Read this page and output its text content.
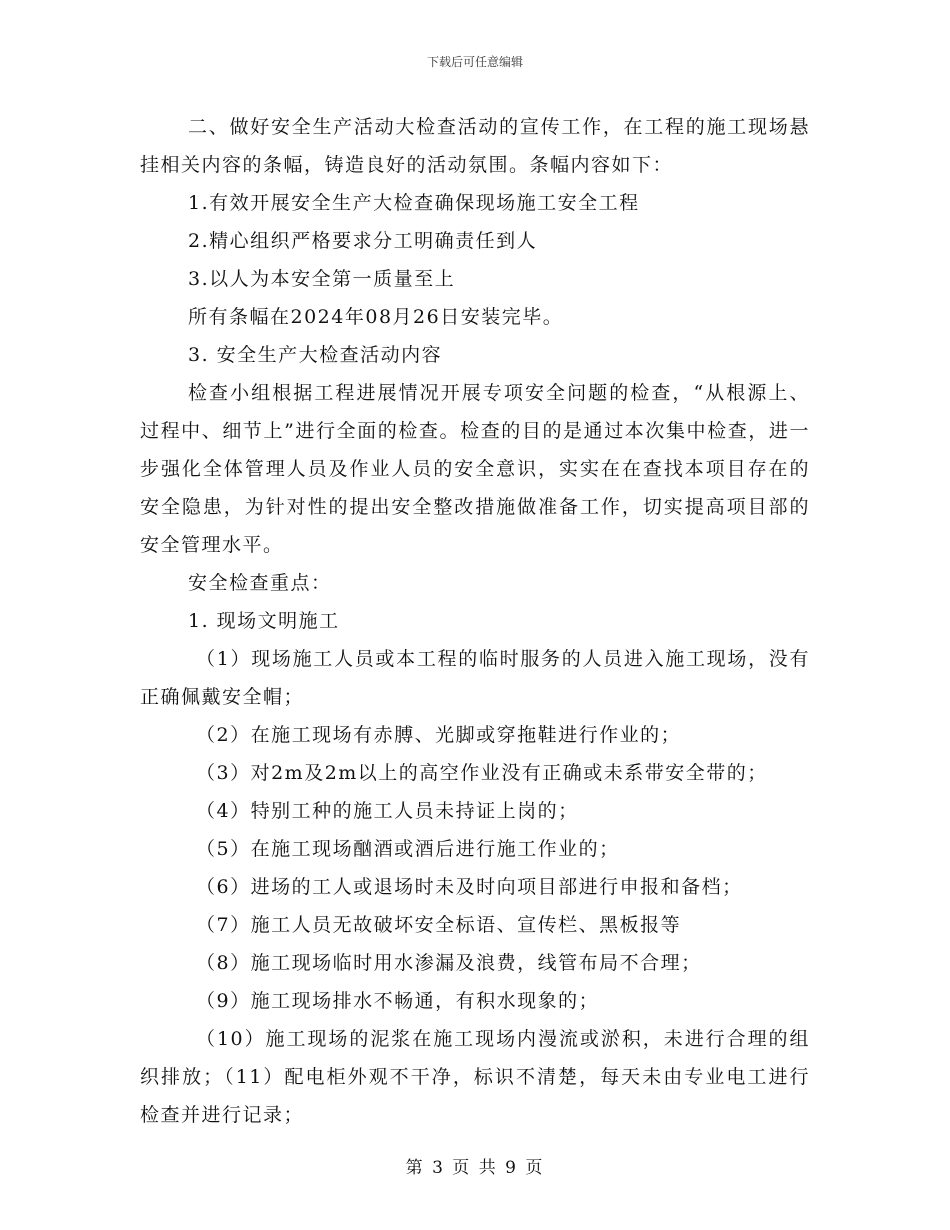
下载后可任意编辑

二、做好安全生产活动大检查活动的宣传工作，在工程的施工现场悬挂相关内容的条幅，铸造良好的活动氛围。条幅内容如下：

1.有效开展安全生产大检查确保现场施工安全工程

2.精心组织严格要求分工明确责任到人

3.以人为本安全第一质量至上

所有条幅在2024年08月26日安装完毕。

3. 安全生产大检查活动内容

检查小组根据工程进展情况开展专项安全问题的检查，“从根源上、过程中、细节上”进行全面的检查。检查的目的是通过本次集中检查，进一步强化全体管理人员及作业人员的安全意识，实实在在查找本项目存在的安全隐患，为针对性的提出安全整改措施做准备工作，切实提高项目部的安全管理水平。

安全检查重点：

1. 现场文明施工

（1）现场施工人员或本工程的临时服务的人员进入施工现场，没有正确佩戴安全帽；

（2）在施工现场有赤膊、光脚或穿拖鞋进行作业的；

（3）对2m及2m以上的高空作业没有正确或未系带安全带的；

（4）特别工种的施工人员未持证上岗的；

（5）在施工现场酗酒或酒后进行施工作业的；

（6）进场的工人或退场时未及时向项目部进行申报和备档；

（7）施工人员无故破坏安全标语、宣传栏、黑板报等

（8）施工现场临时用水渗漏及浪费，线管布局不合理；

（9）施工现场排水不畅通，有积水现象的；

（10）施工现场的泥浆在施工现场内漫流或淤积，未进行合理的组织排放；（11）配电柜外观不干净，标识不清楚，每天未由专业电工进行检查并进行记录；

第 3 页 共 9 页
